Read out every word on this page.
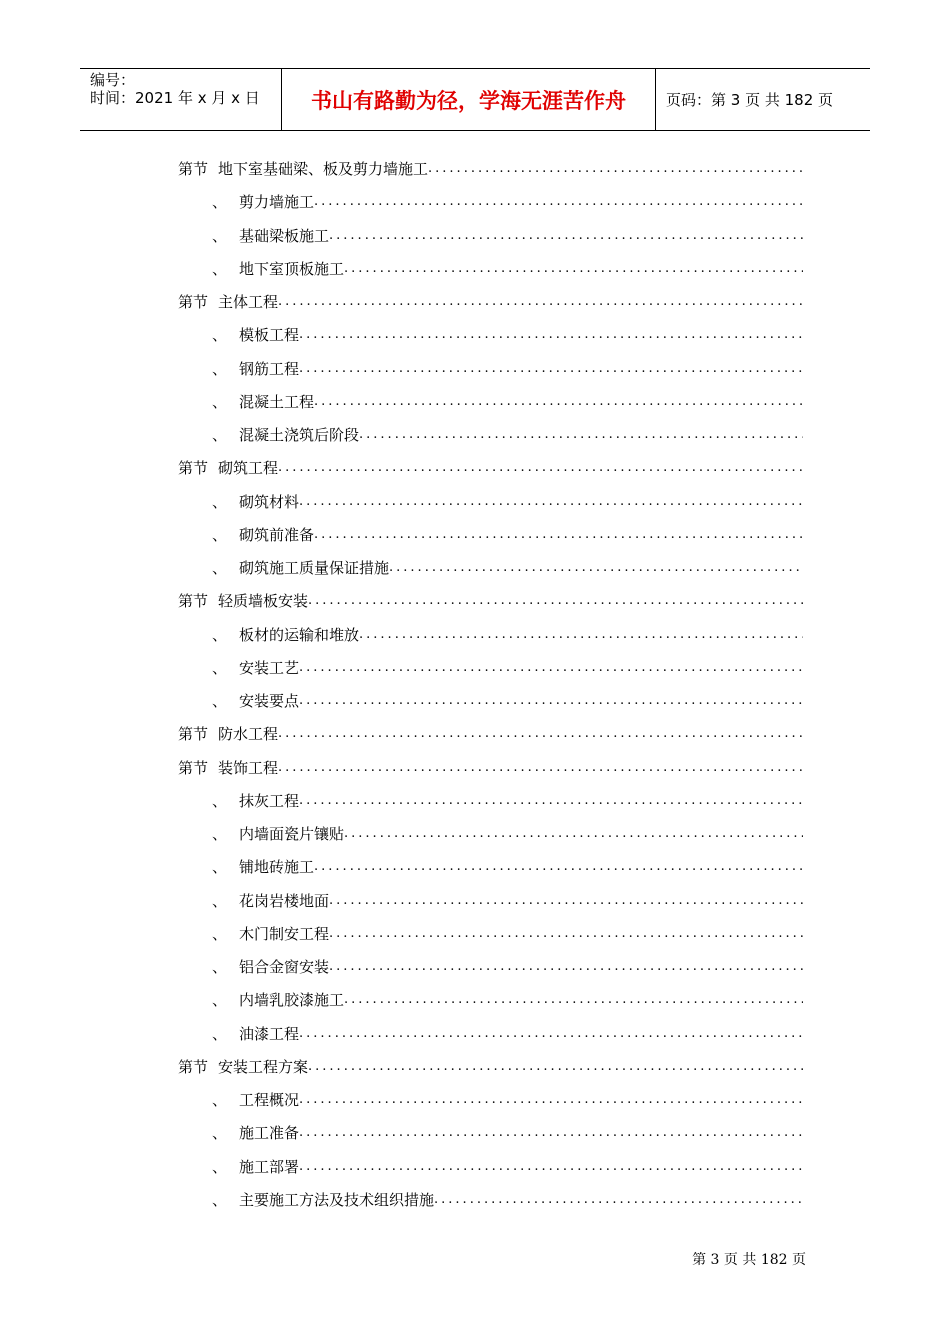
编号：
时间：2021 年 x 月 x 日	书山有路勤为径，学海无涯苦作舟	页码：第 3 页 共 182 页
第节 地下室基础梁、板及剪力墙施工
.....
、 剪力墙施工
.....
、 基础梁板施工
.....
、 地下室顶板施工
.....
第节 主体工程
.....
、 模板工程
.....
、 钢筋工程
.....
、 混凝土工程
.....
、 混凝土浇筑后阶段
.....
第节 砌筑工程
.....
、 砌筑材料
.....
、 砌筑前准备
.....
、 砌筑施工质量保证措施
.....
第节 轻质墙板安装
.....
、 板材的运输和堆放
.....
、 安装工艺
.....
、 安装要点
.....
第节 防水工程
.....
第节 装饰工程
.....
、 抹灰工程
.....
、 内墙面瓷片镶贴
.....
、 铺地砖施工
.....
、 花岗岩楼地面
.....
、 木门制安工程
.....
、 铝合金窗安装
.....
、 内墙乳胶漆施工
.....
、 油漆工程
.....
第节 安装工程方案
.....
、 工程概况
.....
、 施工准备
.....
、 施工部署
.....
、 主要施工方法及技术组织措施
.....
第 3 页 共 182 页
